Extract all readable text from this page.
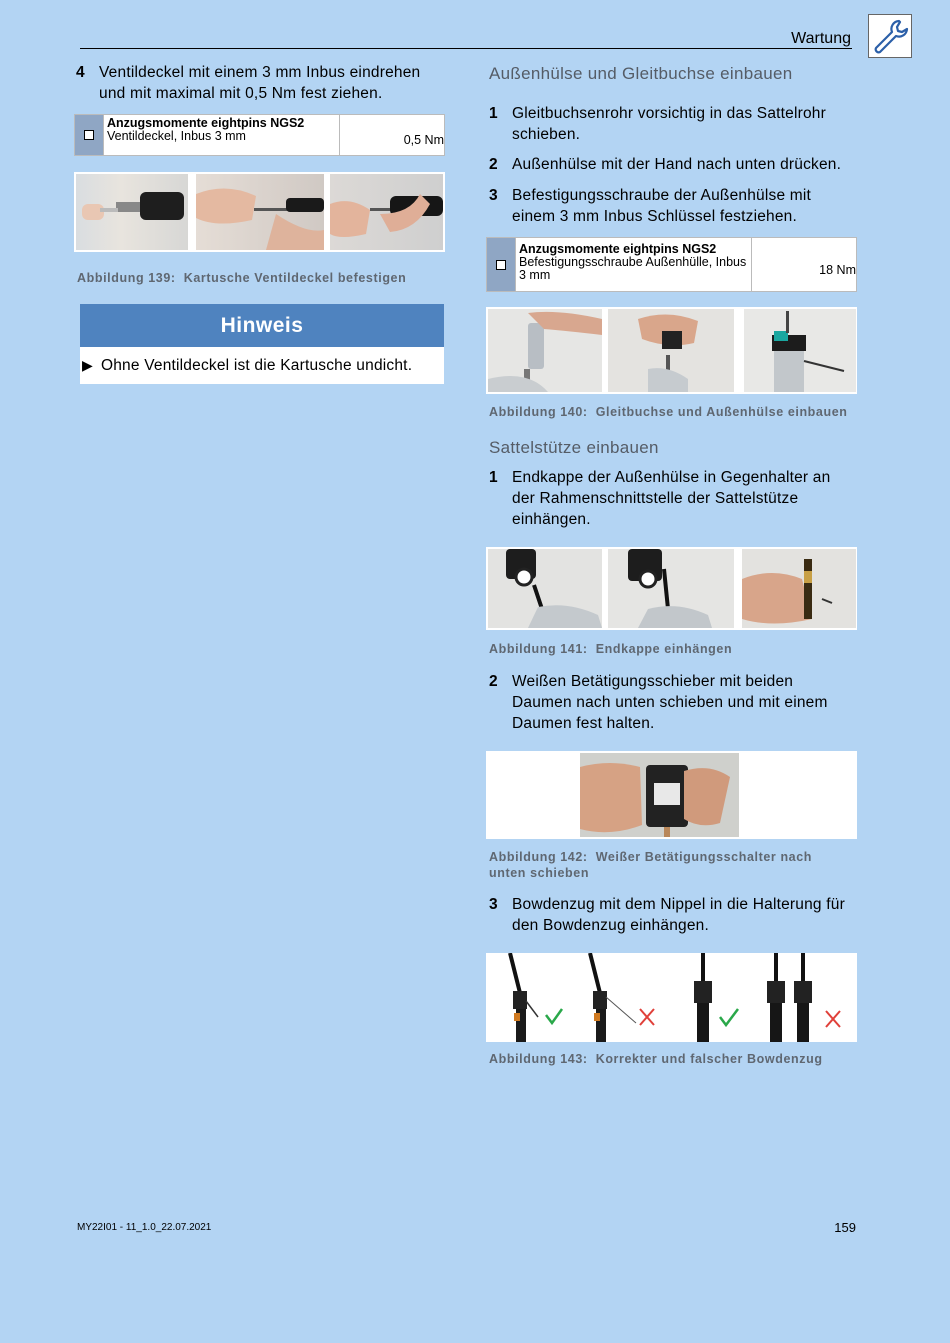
Wartung
4 Ventildeckel mit einem 3 mm Inbus eindrehen und mit maximal mit 0,5 Nm fest ziehen.
Anzugsmomente eightpins NGS2
Ventildeckel, Inbus 3 mm	0,5 Nm
Abbildung 139: Kartusche Ventildeckel befestigen
Hinweis
▶ Ohne Ventildeckel ist die Kartusche undicht.
Außenhülse und Gleitbuchse einbauen
1 Gleitbuchsenrohr vorsichtig in das Sattelrohr schieben.
2 Außenhülse mit der Hand nach unten drücken.
3 Befestigungsschraube der Außenhülse mit einem 3 mm Inbus Schlüssel festziehen.
Anzugsmomente eightpins NGS2
Befestigungsschraube Außenhülle, Inbus 3 mm	18 Nm
Abbildung 140: Gleitbuchse und Außenhülse einbauen
Sattelstütze einbauen
1 Endkappe der Außenhülse in Gegenhalter an der Rahmenschnittstelle der Sattelstütze einhängen.
Abbildung 141: Endkappe einhängen
2 Weißen Betätigungsschieber mit beiden Daumen nach unten schieben und mit einem Daumen fest halten.
Abbildung 142: Weißer Betätigungsschalter nach unten schieben
3 Bowdenzug mit dem Nippel in die Halterung für den Bowdenzug einhängen.
Abbildung 143: Korrekter und falscher Bowdenzug
MY22I01 - 11_1.0_22.07.2021	159
